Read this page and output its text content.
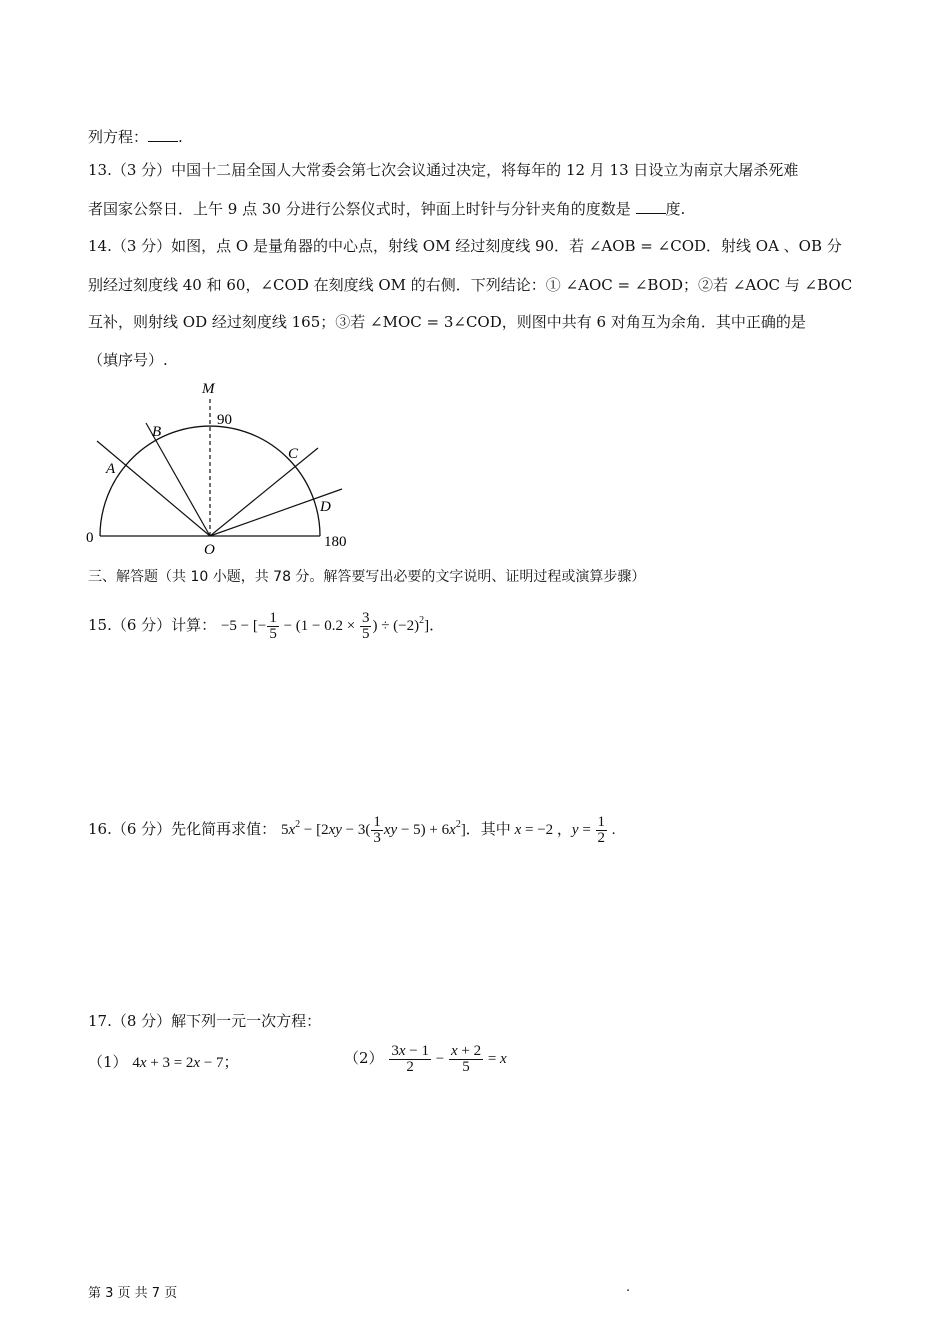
列方程： .
13.（3 分）中国十二届全国人大常委会第七次会议通过决定，将每年的 12 月 13 日设立为南京大屠杀死难
者国家公祭日．上午 9 点 30 分进行公祭仪式时，钟面上时针与分针夹角的度数是 度.
14.（3 分）如图，点 O 是量角器的中心点，射线 OM 经过刻度线 90．若 ∠AOB = ∠COD．射线 OA 、OB 分
别经过刻度线 40 和 60，∠COD 在刻度线 OM 的右侧．下列结论：① ∠AOC = ∠BOD；②若 ∠AOC 与 ∠BOC
互补，则射线 OD 经过刻度线 165；③若 ∠MOC = 3∠COD，则图中共有 6 对角互为余角．其中正确的是
（填序号）.
M
90
B
A
C
D
0
O	180
三、解答题（共 10 小题，共 78 分。解答要写出必要的文字说明、证明过程或演算步骤）
15.（6 分）计算： −5 − [− $\frac{1}{5} - (1 - 0.2 \times \frac{3}{5}$ ) ÷ $(-2)^2$]．
16.（6 分）先化简再求值： $5x^2 - [2xy - 3( \frac{1}{3}$ xy − $5) + 6x^2$]．其中 x = −2 ，$y = \frac{1}{2}$ .
17.（8 分）解下列一元一次方程：
（1） 4x + 3 = 2x − 7；	$(2) \frac{3x - 1}{2} - \frac{x + 2}{5} = x$
第 3 页 共 7 页	.
